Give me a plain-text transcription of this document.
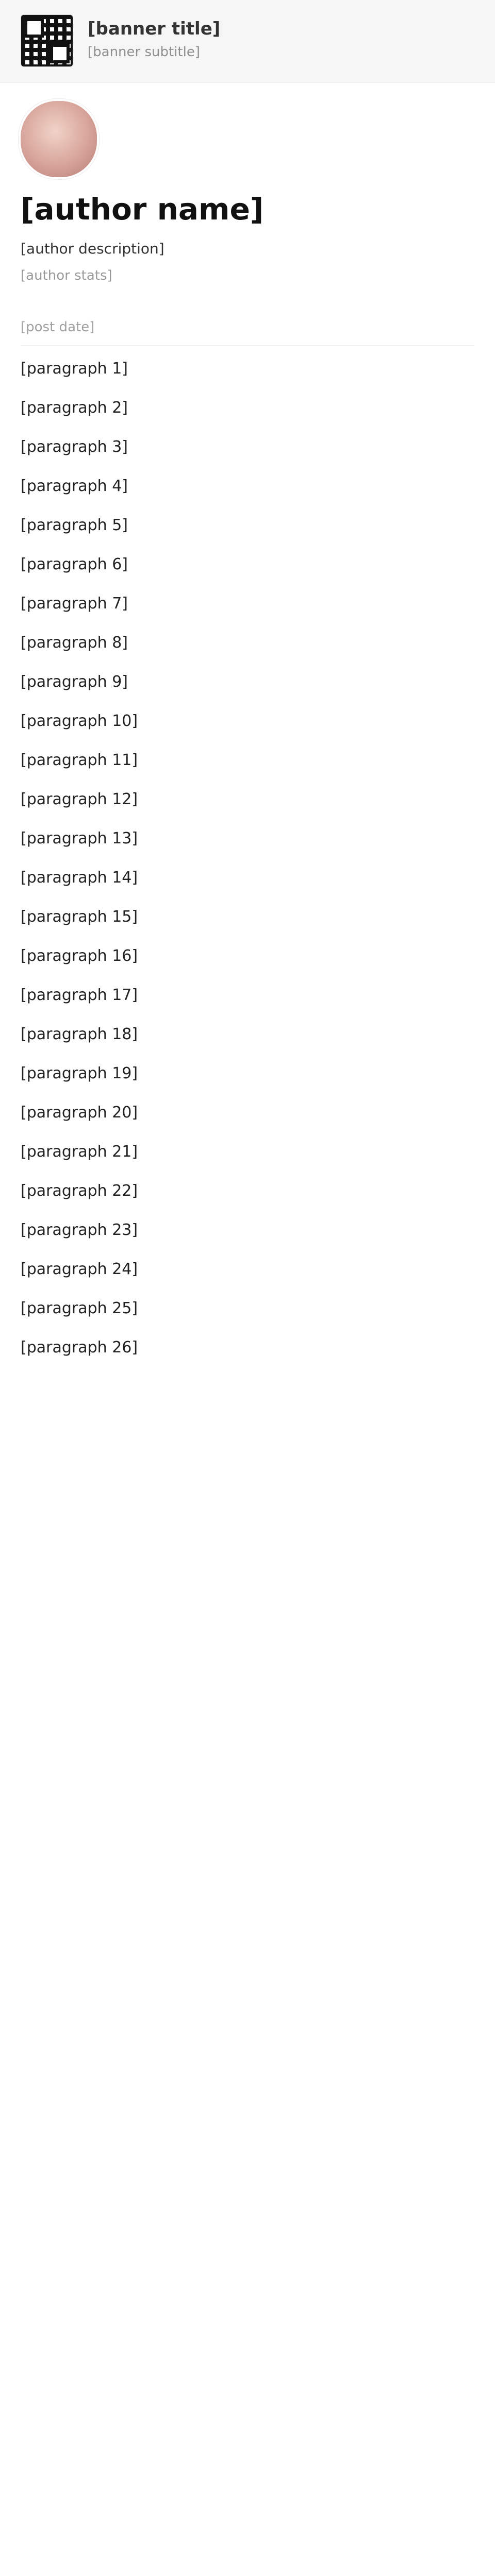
[banner title]
[banner subtitle]
[author name]
[author description]
[author stats]
[post date]

[paragraph 1]

[paragraph 2]

[paragraph 3]

[paragraph 4]

[paragraph 5]

[paragraph 6]

[paragraph 7]

[paragraph 8]

[paragraph 9]

[paragraph 10]

[paragraph 11]

[paragraph 12]

[paragraph 13]

[paragraph 14]

[paragraph 15]

[paragraph 16]

[paragraph 17]

[paragraph 18]

[paragraph 19]

[paragraph 20]

[paragraph 21]

[paragraph 22]

[paragraph 23]

[paragraph 24]

[paragraph 25]

[paragraph 26]
